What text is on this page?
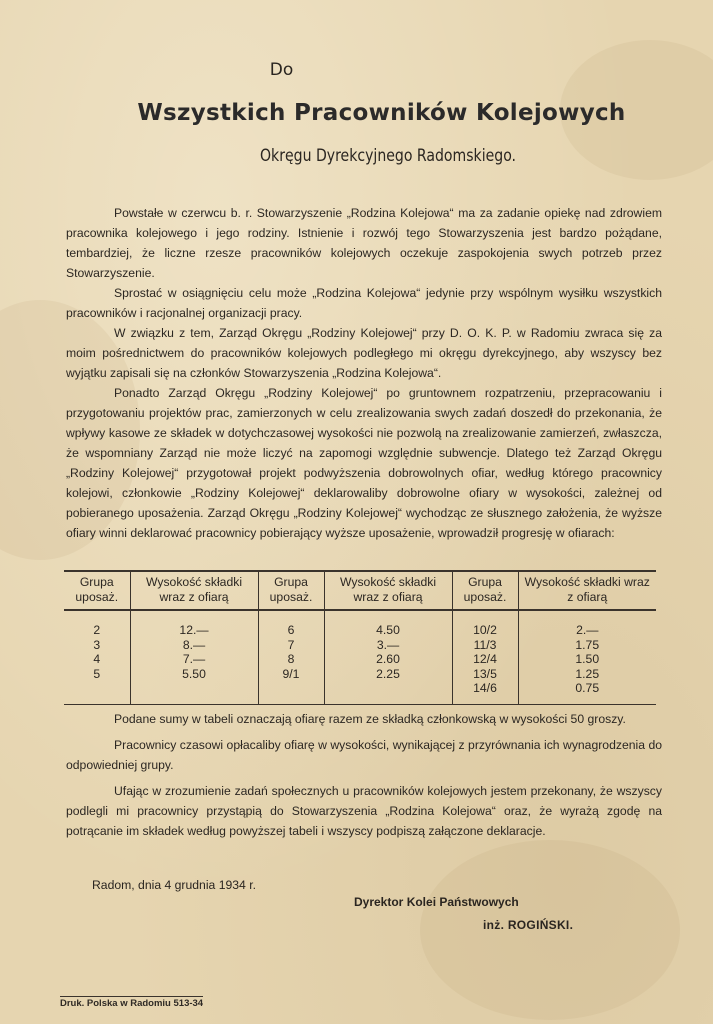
Do
Wszystkich Pracowników Kolejowych
Okręgu Dyrekcyjnego Radomskiego.

Powstałe w czerwcu b. r. Stowarzyszenie „Rodzina Kolejowa“ ma za zadanie opiekę nad zdrowiem pracownika kolejowego i jego rodziny. Istnienie i rozwój tego Stowarzyszenia jest bardzo pożądane, tembardziej, że liczne rzesze pracowników kolejowych oczekuje zaspokojenia swych potrzeb przez Stowarzyszenie.

Sprostać w osiągnięciu celu może „Rodzina Kolejowa“ jedynie przy wspólnym wysiłku wszystkich pracowników i racjonalnej organizacji pracy.

W związku z tem, Zarząd Okręgu „Rodziny Kolejowej“ przy D. O. K. P. w Radomiu zwraca się za moim pośrednictwem do pracowników kolejowych podległego mi okręgu dyrekcyjnego, aby wszyscy bez wyjątku zapisali się na członków Stowarzyszenia „Rodzina Kolejowa“.

Ponadto Zarząd Okręgu „Rodziny Kolejowej“ po gruntownem rozpatrzeniu, przepracowaniu i przygotowaniu projektów prac, zamierzonych w celu zrealizowania swych zadań doszedł do przekonania, że wpływy kasowe ze składek w dotychczasowej wysokości nie pozwolą na zrealizowanie zamierzeń, zwłaszcza, że wspomniany Zarząd nie może liczyć na zapomogi względnie subwencje. Dlatego też Zarząd Okręgu „Rodziny Kolejowej“ przygotował projekt podwyższenia dobrowolnych ofiar, według którego pracownicy kolejowi, członkowie „Rodziny Kolejowej“ deklarowaliby dobrowolne ofiary w wysokości, zależnej od pobieranego uposażenia. Zarząd Okręgu „Rodziny Kolejowej“ wychodząc ze słusznego założenia, że wyższe ofiary winni deklarować pracownicy pobierający wyższe uposażenie, wprowadził progresję w ofiarach:

Grupa uposaż.	Wysokość składki wraz z ofiarą	Grupa uposaż.	Wysokość składki wraz z ofiarą	Grupa uposaż.	Wysokość składki wraz z ofiarą
2	12.—	6	4.50	10/2	2.—
3	8.—	7	3.—	11/3	1.75
4	7.—	8	2.60	12/4	1.50
5	5.50	9/1	2.25	13/5	1.25
				14/6	0.75

Podane sumy w tabeli oznaczają ofiarę razem ze składką członkowską w wysokości 50 groszy.

Pracownicy czasowi opłacaliby ofiarę w wysokości, wynikającej z przyrównania ich wynagrodzenia do odpowiedniej grupy.

Ufając w zrozumienie zadań społecznych u pracowników kolejowych jestem przekonany, że wszyscy podlegli mi pracownicy przystąpią do Stowarzyszenia „Rodzina Kolejowa“ oraz, że wyrażą zgodę na potrącanie im składek według powyższej tabeli i wszyscy podpiszą załączone deklaracje.

Radom, dnia 4 grudnia 1934 r.
Dyrektor Kolei Państwowych
inż. ROGIŃSKI.
Druk. Polska w Radomiu 513-34
